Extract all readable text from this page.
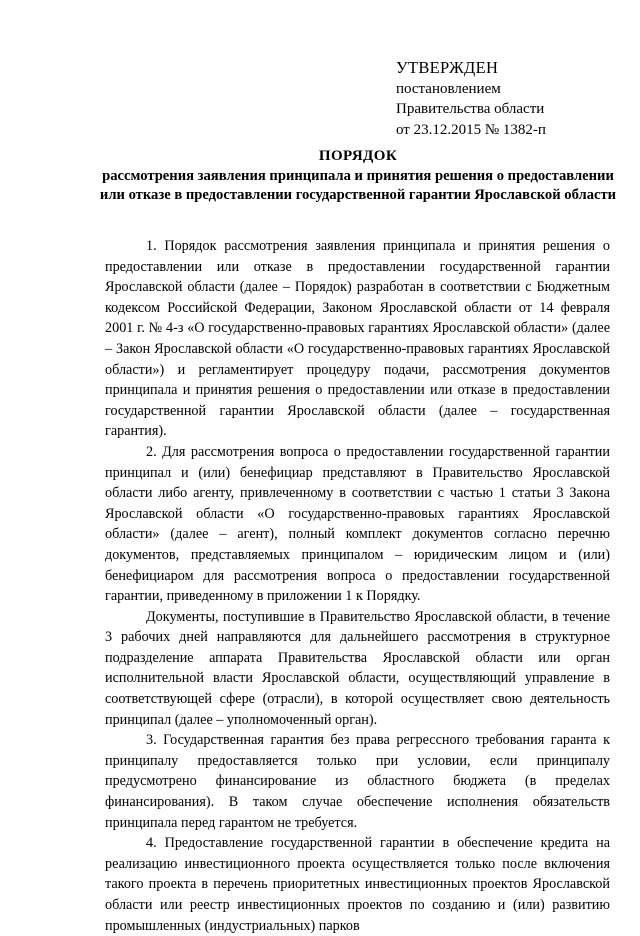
УТВЕРЖДЕН
постановлением
Правительства области
от 23.12.2015 № 1382-п
ПОРЯДОК
рассмотрения заявления принципала и принятия решения о предоставлении или отказе в предоставлении государственной гарантии Ярославской области

1. Порядок рассмотрения заявления принципала и принятия решения о предоставлении или отказе в предоставлении государственной гарантии Ярославской области (далее – Порядок) разработан в соответствии с Бюджетным кодексом Российской Федерации, Законом Ярославской области от 14 февраля 2001 г. № 4-з «О государственно-правовых гарантиях Ярославской области» (далее – Закон Ярославской области «О государственно-правовых гарантиях Ярославской области») и регламентирует процедуру подачи, рассмотрения документов принципала и принятия решения о предоставлении или отказе в предоставлении государственной гарантии Ярославской области (далее – государственная гарантия).

2. Для рассмотрения вопроса о предоставлении государственной гарантии принципал и (или) бенефициар представляют в Правительство Ярославской области либо агенту, привлеченному в соответствии с частью 1 статьи 3 Закона Ярославской области «О государственно-правовых гарантиях Ярославской области» (далее – агент), полный комплект документов согласно перечню документов, представляемых принципалом – юридическим лицом и (или) бенефициаром для рассмотрения вопроса о предоставлении государственной гарантии, приведенному в приложении 1 к Порядку.

Документы, поступившие в Правительство Ярославской области, в течение 3 рабочих дней направляются для дальнейшего рассмотрения в структурное подразделение аппарата Правительства Ярославской области или орган исполнительной власти Ярославской области, осуществляющий управление в соответствующей сфере (отрасли), в которой осуществляет свою деятельность принципал (далее – уполномоченный орган).

3. Государственная гарантия без права регрессного требования гаранта к принципалу предоставляется только при условии, если принципалу предусмотрено финансирование из областного бюджета (в пределах финансирования). В таком случае обеспечение исполнения обязательств принципала перед гарантом не требуется.

4. Предоставление государственной гарантии в обеспечение кредита на реализацию инвестиционного проекта осуществляется только после включения такого проекта в перечень приоритетных инвестиционных проектов Ярославской области или реестр инвестиционных проектов по созданию и (или) развитию промышленных (индустриальных) парков
